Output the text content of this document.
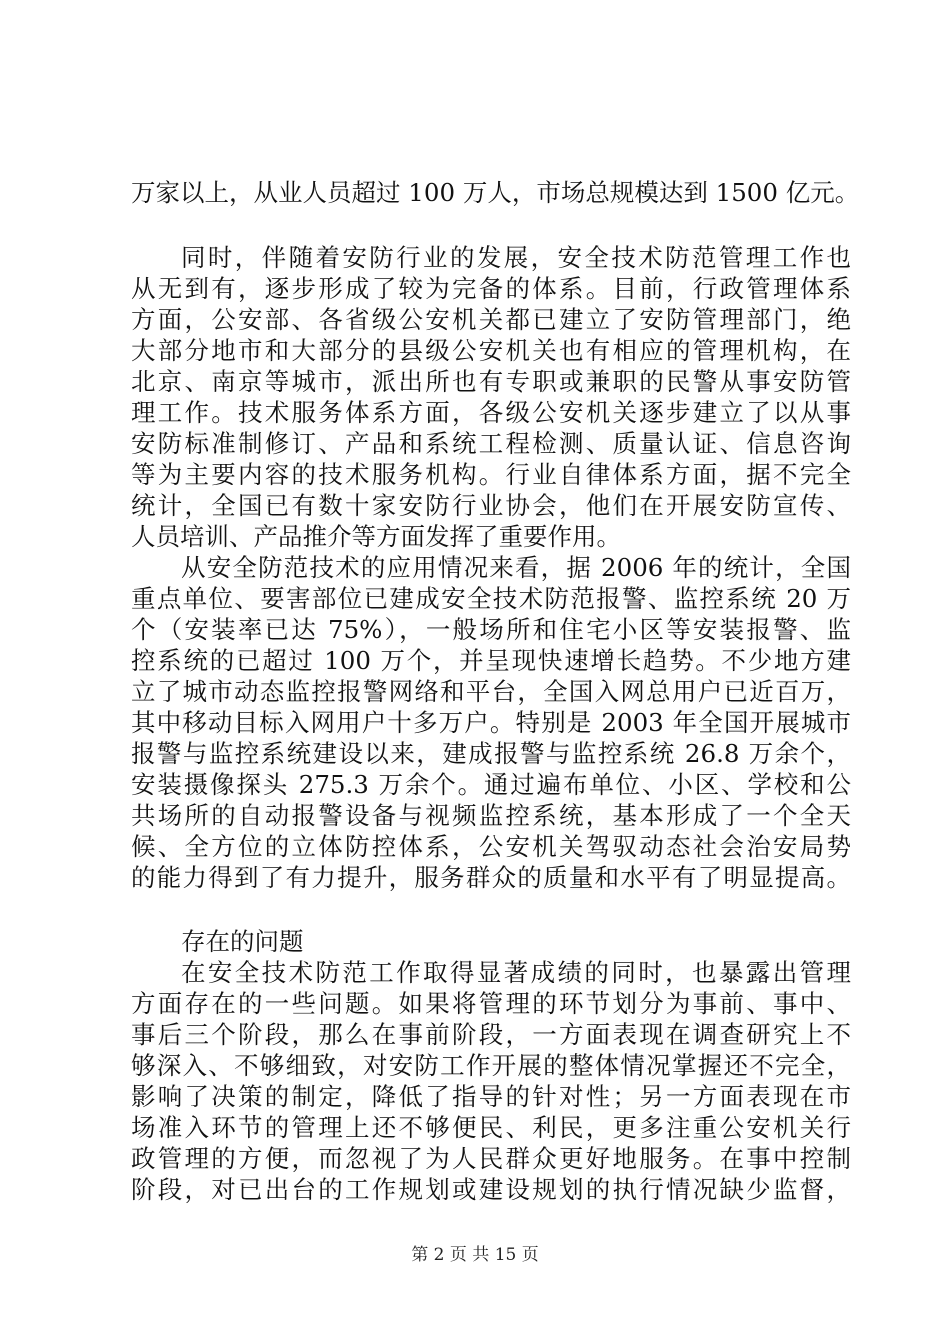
万家以上，从业人员超过 100 万人，市场总规模达到 1500 亿元。
同时，伴随着安防行业的发展，安全技术防范管理工作也
从无到有，逐步形成了较为完备的体系。目前，行政管理体系
方面，公安部、各省级公安机关都已建立了安防管理部门，绝
大部分地市和大部分的县级公安机关也有相应的管理机构，在
北京、南京等城市，派出所也有专职或兼职的民警从事安防管
理工作。技术服务体系方面，各级公安机关逐步建立了以从事
安防标准制修订、产品和系统工程检测、质量认证、信息咨询
等为主要内容的技术服务机构。行业自律体系方面，据不完全
统计，全国已有数十家安防行业协会，他们在开展安防宣传、
人员培训、产品推介等方面发挥了重要作用。
从安全防范技术的应用情况来看，据 2006 年的统计，全国
重点单位、要害部位已建成安全技术防范报警、监控系统 20 万
个（安装率已达 75%），一般场所和住宅小区等安装报警、监
控系统的已超过 100 万个，并呈现快速增长趋势。不少地方建
立了城市动态监控报警网络和平台，全国入网总用户已近百万，
其中移动目标入网用户十多万户。特别是 2003 年全国开展城市
报警与监控系统建设以来，建成报警与监控系统 26.8 万余个，
安装摄像探头 275.3 万余个。通过遍布单位、小区、学校和公
共场所的自动报警设备与视频监控系统，基本形成了一个全天
候、全方位的立体防控体系，公安机关驾驭动态社会治安局势
的能力得到了有力提升，服务群众的质量和水平有了明显提高。
存在的问题
在安全技术防范工作取得显著成绩的同时，也暴露出管理
方面存在的一些问题。如果将管理的环节划分为事前、事中、
事后三个阶段，那么在事前阶段，一方面表现在调查研究上不
够深入、不够细致，对安防工作开展的整体情况掌握还不完全，
影响了决策的制定，降低了指导的针对性；另一方面表现在市
场准入环节的管理上还不够便民、利民，更多注重公安机关行
政管理的方便，而忽视了为人民群众更好地服务。在事中控制
阶段，对已出台的工作规划或建设规划的执行情况缺少监督，
第 2 页 共 15 页
